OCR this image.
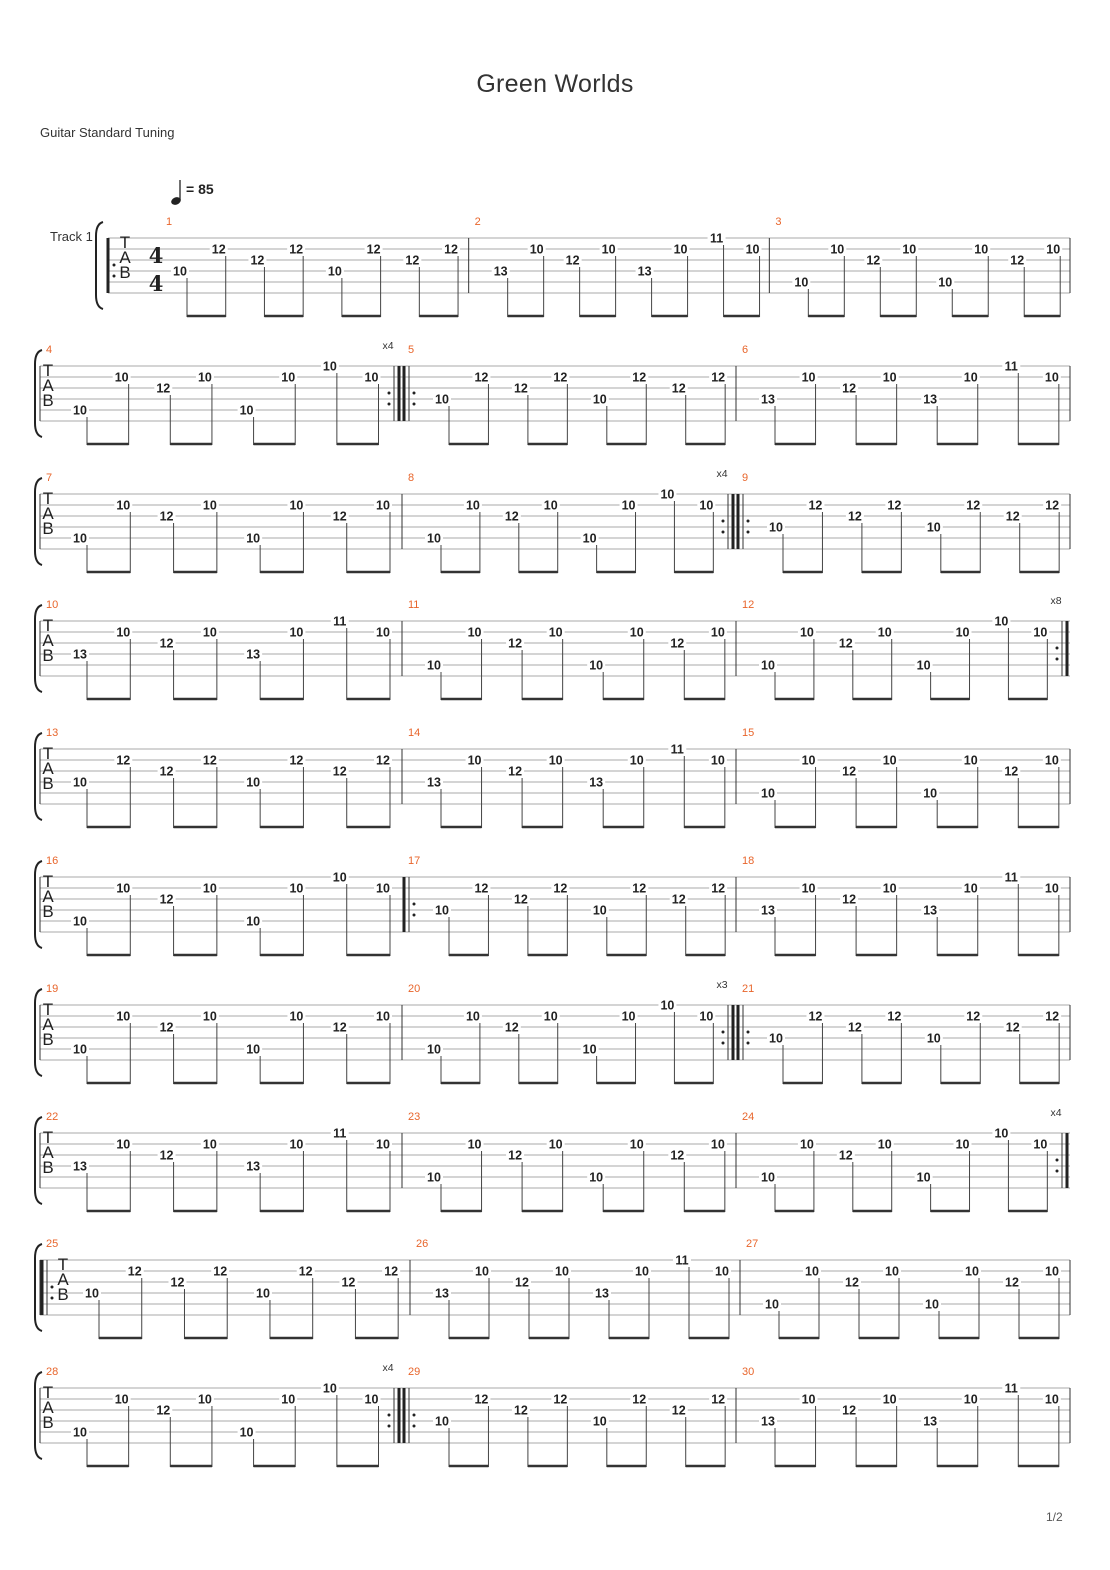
Green Worlds
Guitar Standard Tuning
= 85
Track 1 T
A
B
4
4
1
10
12
12
12
10
12
12
12
2
13
10
12
10
13
10
11
10
3
10
10
12
10
10
10
12
10
T
A
B
4
10
10
12
10
10
10
10
10
x4 5
10
12
12
12
10
12
12
12
6
13
10
12
10
13
10
11
10
T
A
B
7
10
10
12
10
10
10
12
10
8
10
10
12
10
10
10
10
10
x4 9
10
12
12
12
10
12
12
12
T
A
B
10
13
10
12
10
13
10
11
10
11
10
10
12
10
10
10
12
10
12
10
10
12
10
10
10
10
10
x8
T
A
B
13
10
12
12
12
10
12
12
12
14
13
10
12
10
13
10
11
10
15
10
10
12
10
10
10
12
10
T
A
B
16
10
10
12
10
10
10
10
10
17
10
12
12
12
10
12
12
12
18
13
10
12
10
13
10
11
10
T
A
B
19
10
10
12
10
10
10
12
10
20
10
10
12
10
10
10
10
10
x3 21
10
12
12
12
10
12
12
12
T
A
B
22
13
10
12
10
13
10
11
10
23
10
10
12
10
10
10
12
10
24
10
10
12
10
10
10
10
10
x4
T
A
B
25
10
12
12
12
10
12
12
12
26
13
10
12
10
13
10
11
10
27
10
10
12
10
10
10
12
10
T
A
B
28
10
10
12
10
10
10
10
10
x4 29
10
12
12
12
10
12
12
12
30
13
10
12
10
13
10
11
10
1/2
